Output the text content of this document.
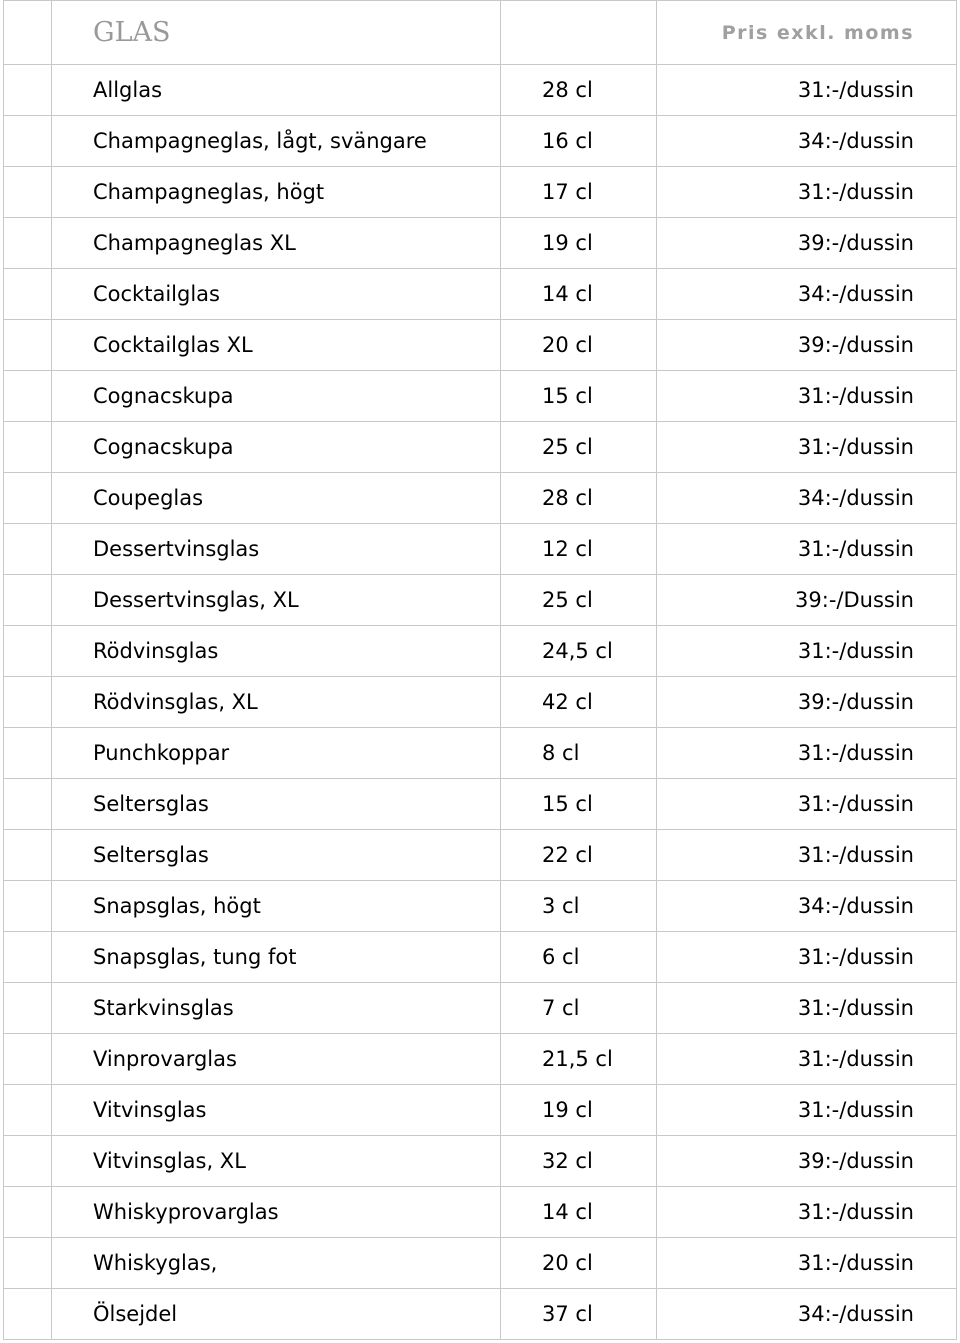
	GLAS		Pris exkl. moms
	Allglas	28 cl	31:-/dussin
	Champagneglas, lågt, svängare	16 cl	34:-/dussin
	Champagneglas, högt	17 cl	31:-/dussin
	Champagneglas XL	19 cl	39:-/dussin
	Cocktailglas	14 cl	34:-/dussin
	Cocktailglas XL	20 cl	39:-/dussin
	Cognacskupa	15 cl	31:-/dussin
	Cognacskupa	25 cl	31:-/dussin
	Coupeglas	28 cl	34:-/dussin
	Dessertvinsglas	12 cl	31:-/dussin
	Dessertvinsglas, XL	25 cl	39:-/Dussin
	Rödvinsglas	24,5 cl	31:-/dussin
	Rödvinsglas, XL	42 cl	39:-/dussin
	Punchkoppar	8 cl	31:-/dussin
	Seltersglas	15 cl	31:-/dussin
	Seltersglas	22 cl	31:-/dussin
	Snapsglas, högt	3 cl	34:-/dussin
	Snapsglas, tung fot	6 cl	31:-/dussin
	Starkvinsglas	7 cl	31:-/dussin
	Vinprovarglas	21,5 cl	31:-/dussin
	Vitvinsglas	19 cl	31:-/dussin
	Vitvinsglas, XL	32 cl	39:-/dussin
	Whiskyprovarglas	14 cl	31:-/dussin
	Whiskyglas,	20 cl	31:-/dussin
	Ölsejdel	37 cl	34:-/dussin
